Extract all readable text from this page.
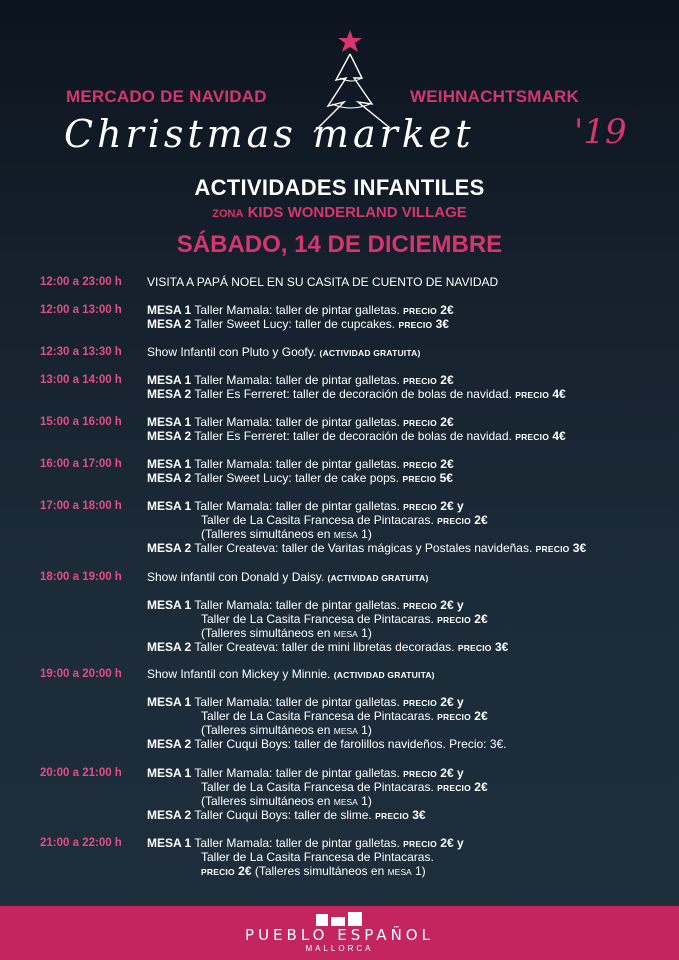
MERCADO DE NAVIDAD	WEIHNACHTSMARK
Christmas market	'19
ACTIVIDADES INFANTILES
ZONA KIDS WONDERLAND VILLAGE
SÁBADO, 14 DE DICIEMBRE
12:00 a 23:00 h	VISITA A PAPÁ NOEL EN SU CASITA DE CUENTO DE NAVIDAD
12:00 a 13:00 h	MESA 1 Taller Mamala: taller de pintar galletas. PRECIO 2€
MESA 2 Taller Sweet Lucy: taller de cupcakes. PRECIO 3€
12:30 a 13:30 h	Show Infantil con Pluto y Goofy. (ACTIVIDAD GRATUITA)
13:00 a 14:00 h	MESA 1 Taller Mamala: taller de pintar galletas. PRECIO 2€
MESA 2 Taller Es Ferreret: taller de decoración de bolas de navidad. PRECIO 4€
15:00 a 16:00 h	MESA 1 Taller Mamala: taller de pintar galletas. PRECIO 2€
MESA 2 Taller Es Ferreret: taller de decoración de bolas de navidad. PRECIO 4€
16:00 a 17:00 h	MESA 1 Taller Mamala: taller de pintar galletas. PRECIO 2€
MESA 2 Taller Sweet Lucy: taller de cake pops. PRECIO 5€
17:00 a 18:00 h	MESA 1 Taller Mamala: taller de pintar galletas. PRECIO 2€ y
Taller de La Casita Francesa de Pintacaras. PRECIO 2€
(Talleres simultáneos en MESA 1)
MESA 2 Taller Createva: taller de Varitas mágicas y Postales navideñas. PRECIO 3€
18:00 a 19:00 h	Show infantil con Donald y Daisy. (ACTIVIDAD GRATUITA)
MESA 1 Taller Mamala: taller de pintar galletas. PRECIO 2€ y
Taller de La Casita Francesa de Pintacaras. PRECIO 2€
(Talleres simultáneos en MESA 1)
MESA 2 Taller Createva: taller de mini libretas decoradas. PRECIO 3€
19:00 a 20:00 h	Show Infantil con Mickey y Minnie. (ACTIVIDAD GRATUITA)
MESA 1 Taller Mamala: taller de pintar galletas. PRECIO 2€ y
Taller de La Casita Francesa de Pintacaras. PRECIO 2€
(Talleres simultáneos en MESA 1)
MESA 2 Taller Cuqui Boys: taller de farolillos navideños. Precio: 3€.
20:00 a 21:00 h	MESA 1 Taller Mamala: taller de pintar galletas. PRECIO 2€ y
Taller de La Casita Francesa de Pintacaras. PRECIO 2€
(Talleres simultáneos en MESA 1)
MESA 2 Taller Cuqui Boys: taller de slime. PRECIO 3€
21:00 a 22:00 h	MESA 1 Taller Mamala: taller de pintar galletas. PRECIO 2€ y
Taller de La Casita Francesa de Pintacaras.
PRECIO 2€ (Talleres simultáneos en MESA 1)
PUEBLO ESPAÑOL
MALLORCA
